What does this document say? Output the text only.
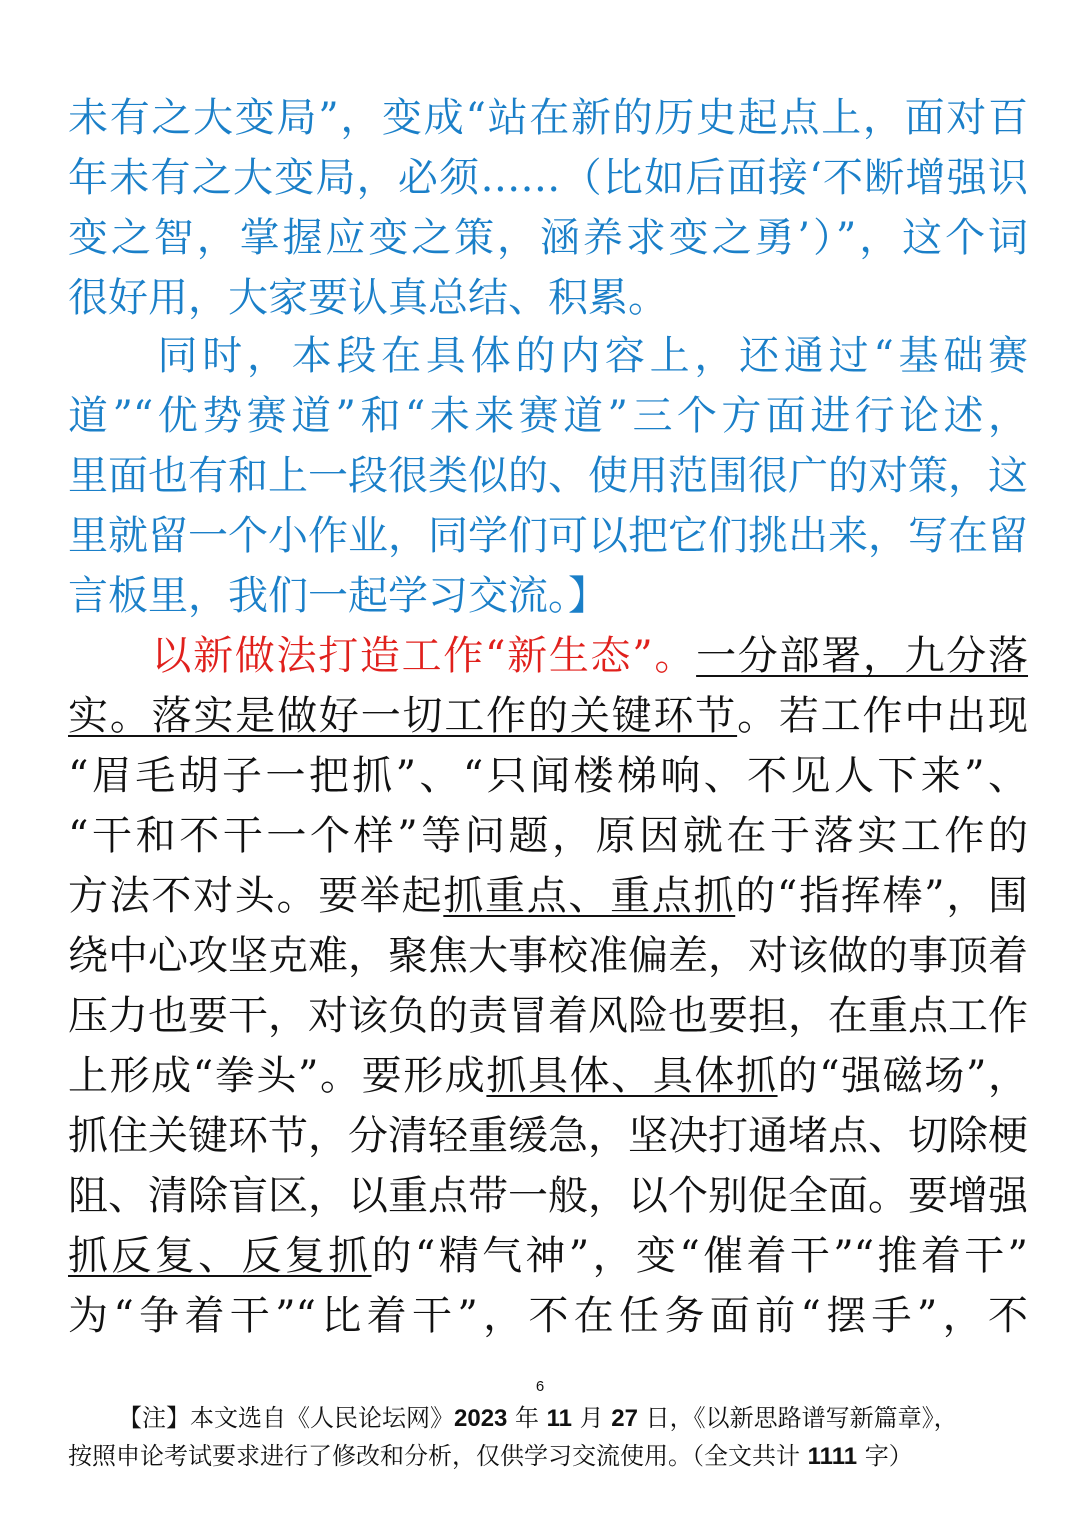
未有之大变局”，变成“站在新的历史起点上，面对百
年未有之大变局，必须……（比如后面接‘不断增强识
变之智，掌握应变之策，涵养求变之勇’）”，这个词
很好用，大家要认真总结、积累。
　　同时，本段在具体的内容上，还通过“基础赛
道”“优势赛道”和“未来赛道”三个方面进行论述，
里面也有和上一段很类似的、使用范围很广的对策，这
里就留一个小作业，同学们可以把它们挑出来，写在留
言板里，我们一起学习交流。】
　　以新做法打造工作“新生态”。一分部署，九分落
实。落实是做好一切工作的关键环节。若工作中出现
“眉毛胡子一把抓”、“只闻楼梯响、不见人下来”、
“干和不干一个样”等问题，原因就在于落实工作的
方法不对头。要举起抓重点、重点抓的“指挥棒”，围
绕中心攻坚克难，聚焦大事校准偏差，对该做的事顶着
压力也要干，对该负的责冒着风险也要担，在重点工作
上形成“拳头”。要形成抓具体、具体抓的“强磁场”，
抓住关键环节，分清轻重缓急，坚决打通堵点、切除梗
阻、清除盲区，以重点带一般，以个别促全面。要增强
抓反复、反复抓的“精气神”，变“催着干”“推着干”
为“争着干”“比着干”，不在任务面前“摆手”，不
6
【注】本文选自《人民论坛网》2023 年 11 月 27 日，《以新思路谱写新篇章》，
按照申论考试要求进行了修改和分析，仅供学习交流使用。（全文共计 1111 字）
